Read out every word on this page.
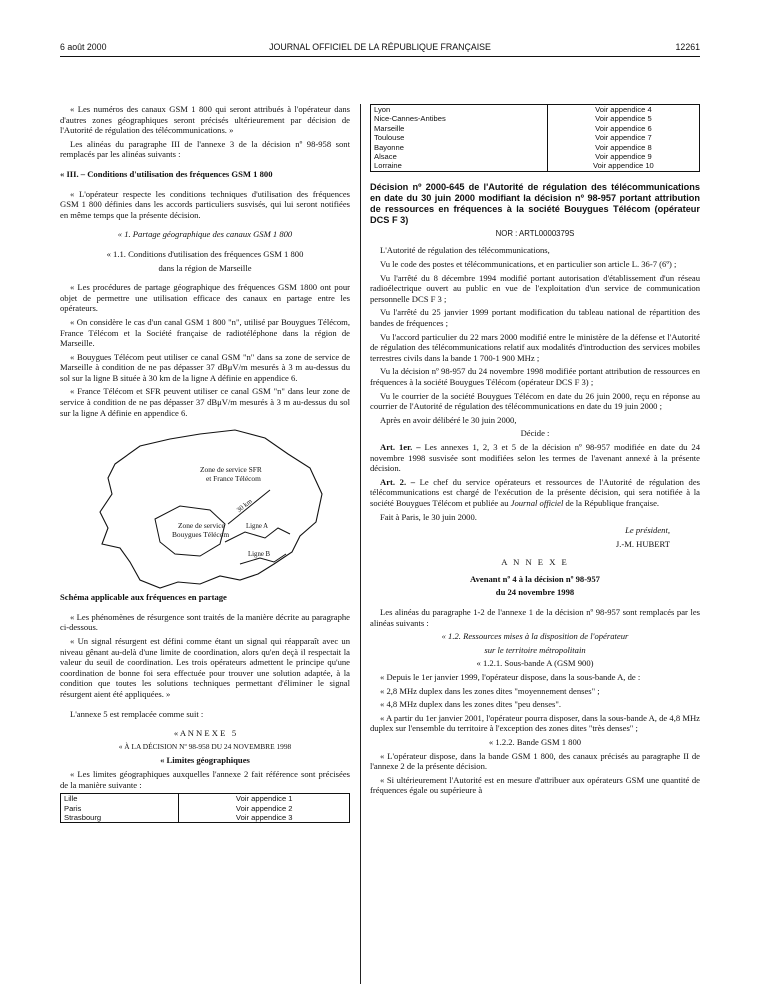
6 août 2000	JOURNAL OFFICIEL DE LA RÉPUBLIQUE FRANÇAISE	12261

« Les numéros des canaux GSM 1 800 qui seront attribués à l'opérateur dans d'autres zones géographiques seront précisés ultérieurement par décision de l'Autorité de régulation des télécommunications. »

Les alinéas du paragraphe III de l'annexe 3 de la décision nº 98-958 sont remplacés par les alinéas suivants :

« III. – Conditions d'utilisation des fréquences GSM 1 800

« L'opérateur respecte les conditions techniques d'utilisation des fréquences GSM 1 800 définies dans les accords particuliers susvisés, qui lui seront notifiées en même temps que la présente décision.

« 1. Partage géographique des canaux GSM 1 800

« 1.1. Conditions d'utilisation des fréquences GSM 1 800

dans la région de Marseille

« Les procédures de partage géographique des fréquences GSM 1800 ont pour objet de permettre une utilisation efficace des canaux en partage entre les opérateurs.

« On considère le cas d'un canal GSM 1 800 "n", utilisé par Bouygues Télécom, France Télécom et la Société française de radiotéléphone dans la région de Marseille.

« Bouygues Télécom peut utiliser ce canal GSM "n" dans sa zone de service de Marseille à condition de ne pas dépasser 37 dBμV/m mesurés à 3 m au-dessus du sol sur la ligne B située à 30 km de la ligne A définie en appendice 6.

« France Télécom et SFR peuvent utiliser ce canal GSM "n" dans leur zone de service à condition de ne pas dépasser 37 dBμV/m mesurés à 3 m au-dessus du sol sur la ligne A définie en appendice 6.

Zone de service SFR
et France Télécom
Zone de service
Bouygues Télécom
30 km
Ligne A
Ligne B

Schéma applicable aux fréquences en partage

« Les phénomènes de résurgence sont traités de la manière décrite au paragraphe ci-dessous.

« Un signal résurgent est défini comme étant un signal qui réapparaît avec un niveau gênant au-delà d'une limite de coordination, alors qu'en deçà il respectait la valeur du seuil de coordination. Les trois opérateurs admettent le principe qu'une coordination de bonne foi sera effectuée pour trouver une solution adaptée, à la condition que toutes les solutions techniques permettant d'éliminer le signal résurgent aient été appliquées. »

L'annexe 5 est remplacée comme suit :

« A N N E X E   5

« À LA DÉCISION Nº 98-958 DU 24 NOVEMBRE 1998

« Limites géographiques

« Les limites géographiques auxquelles l'annexe 2 fait référence sont précisées de la manière suivante :

Lille	Voir appendice 1
Paris	Voir appendice 2
Strasbourg	Voir appendice 3
Lyon	Voir appendice 4
Nice-Cannes-Antibes	Voir appendice 5
Marseille	Voir appendice 6
Toulouse	Voir appendice 7
Bayonne	Voir appendice 8
Alsace	Voir appendice 9
Lorraine	Voir appendice 10
Décision nº 2000-645 de l'Autorité de régulation des télécommunications en date du 30 juin 2000 modifiant la décision nº 98-957 portant attribution de ressources en fréquences à la société Bouygues Télécom (opérateur DCS F 3)
NOR : ARTL0000379S

L'Autorité de régulation des télécommunications,

Vu le code des postes et télécommunications, et en particulier son article L. 36-7 (6º) ;

Vu l'arrêté du 8 décembre 1994 modifié portant autorisation d'établissement d'un réseau radioélectrique ouvert au public en vue de l'exploitation d'un service de communication personnelle DCS F 3 ;

Vu l'arrêté du 25 janvier 1999 portant modification du tableau national de répartition des bandes de fréquences ;

Vu l'accord particulier du 22 mars 2000 modifié entre le ministère de la défense et l'Autorité de régulation des télécommunications relatif aux modalités d'introduction des services mobiles terrestres civils dans la bande 1 700-1 900 MHz ;

Vu la décision nº 98-957 du 24 novembre 1998 modifiée portant attribution de ressources en fréquences à la société Bouygues Télécom (opérateur DCS F 3) ;

Vu le courrier de la société Bouygues Télécom en date du 26 juin 2000, reçu en réponse au courrier de l'Autorité de régulation des télécommunications en date du 19 juin 2000 ;

Après en avoir délibéré le 30 juin 2000,

Décide :

Art. 1er. – Les annexes 1, 2, 3 et 5 de la décision nº 98-957 modifiée en date du 24 novembre 1998 susvisée sont modifiées selon les termes de l'avenant annexé à la présente décision.

Art. 2. – Le chef du service opérateurs et ressources de l'Autorité de régulation des télécommunications est chargé de l'exécution de la présente décision, qui sera notifiée à la société Bouygues Télécom et publiée au Journal officiel de la République française.

Fait à Paris, le 30 juin 2000.

Le président,

J.-M. HUBERT

A N N E X E

Avenant nº 4 à la décision nº 98-957

du 24 novembre 1998

Les alinéas du paragraphe 1-2 de l'annexe 1 de la décision nº 98-957 sont remplacés par les alinéas suivants :

« 1.2. Ressources mises à la disposition de l'opérateur

sur le territoire métropolitain

« 1.2.1. Sous-bande A (GSM 900)

« Depuis le 1er janvier 1999, l'opérateur dispose, dans la sous-bande A, de :

« 2,8 MHz duplex dans les zones dites "moyennement denses" ;

« 4,8 MHz duplex dans les zones dites "peu denses".

« A partir du 1er janvier 2001, l'opérateur pourra disposer, dans la sous-bande A, de 4,8 MHz duplex sur l'ensemble du territoire à l'exception des zones dites "très denses" ;

« 1.2.2. Bande GSM 1 800

« L'opérateur dispose, dans la bande GSM 1 800, des canaux précisés au paragraphe II de l'annexe 2 de la présente décision.

« Si ultérieurement l'Autorité est en mesure d'attribuer aux opérateurs GSM une quantité de fréquences égale ou supérieure à
